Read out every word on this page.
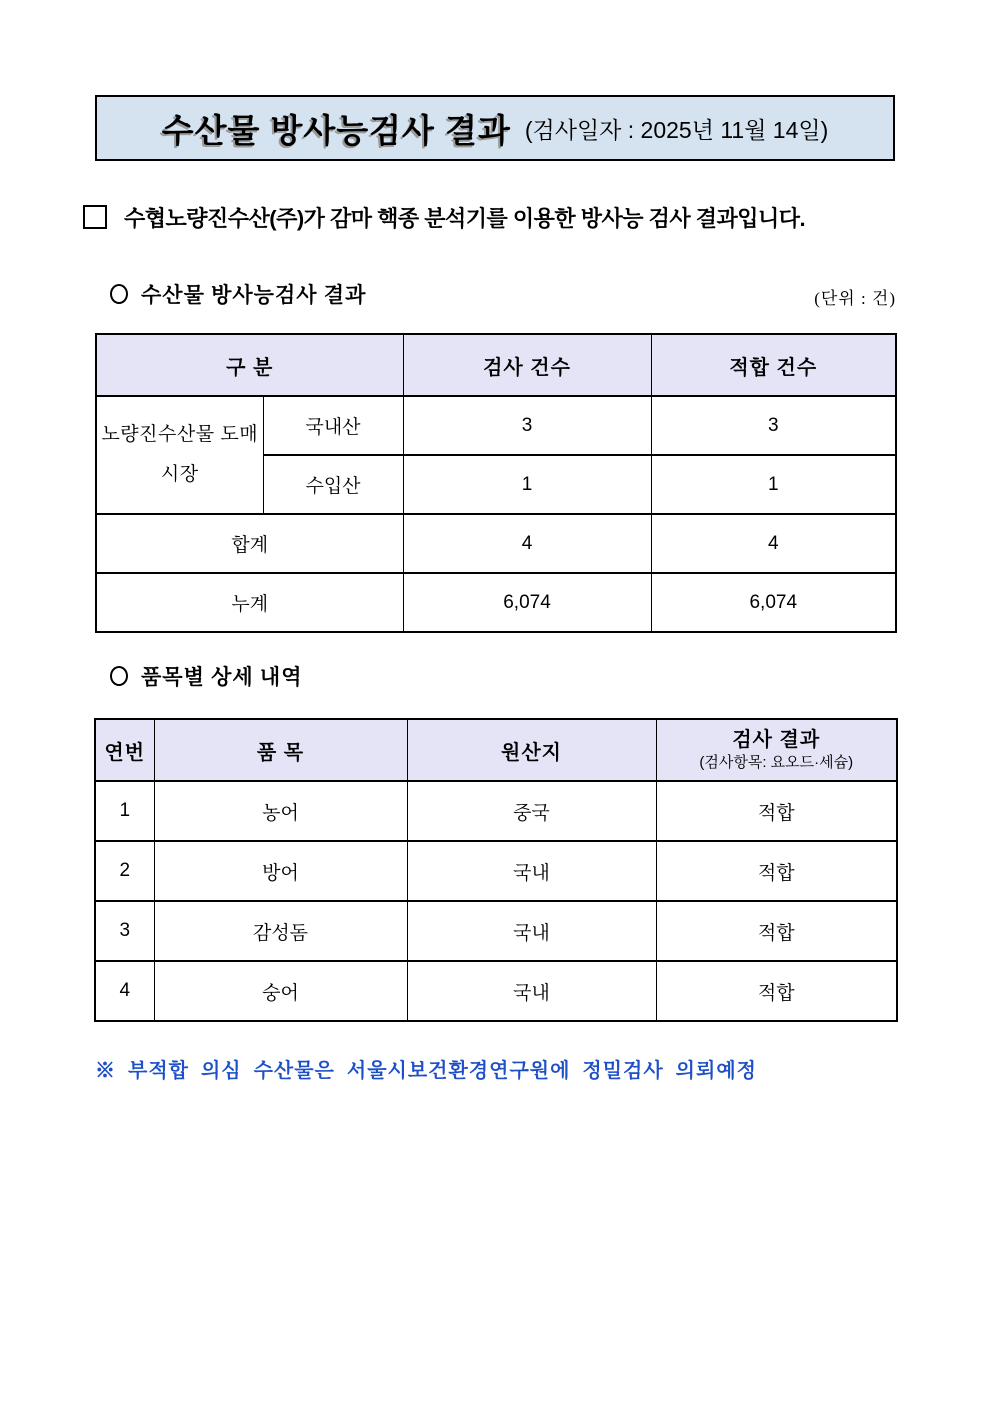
수산물 방사능검사 결과 (검사일자 : 2025년 11월 14일)
수협노량진수산(주)가 감마 핵종 분석기를 이용한 방사능 검사 결과입니다.
수산물 방사능검사 결과	(단위 : 건)
구 분		검사 건수	적합 건수
노량진수산물 도매시장	국내산	3	3
	수입산	1	1
합계		4	4
누계		6,074	6,074
품목별 상세 내역
연번	품 목	원산지	검사 결과
(검사항목: 요오드·세슘)

1	농어	중국	적합
2	방어	국내	적합
3	감성돔	국내	적합
4	숭어	국내	적합
※ 부적합 의심 수산물은 서울시보건환경연구원에 정밀검사 의뢰예정
